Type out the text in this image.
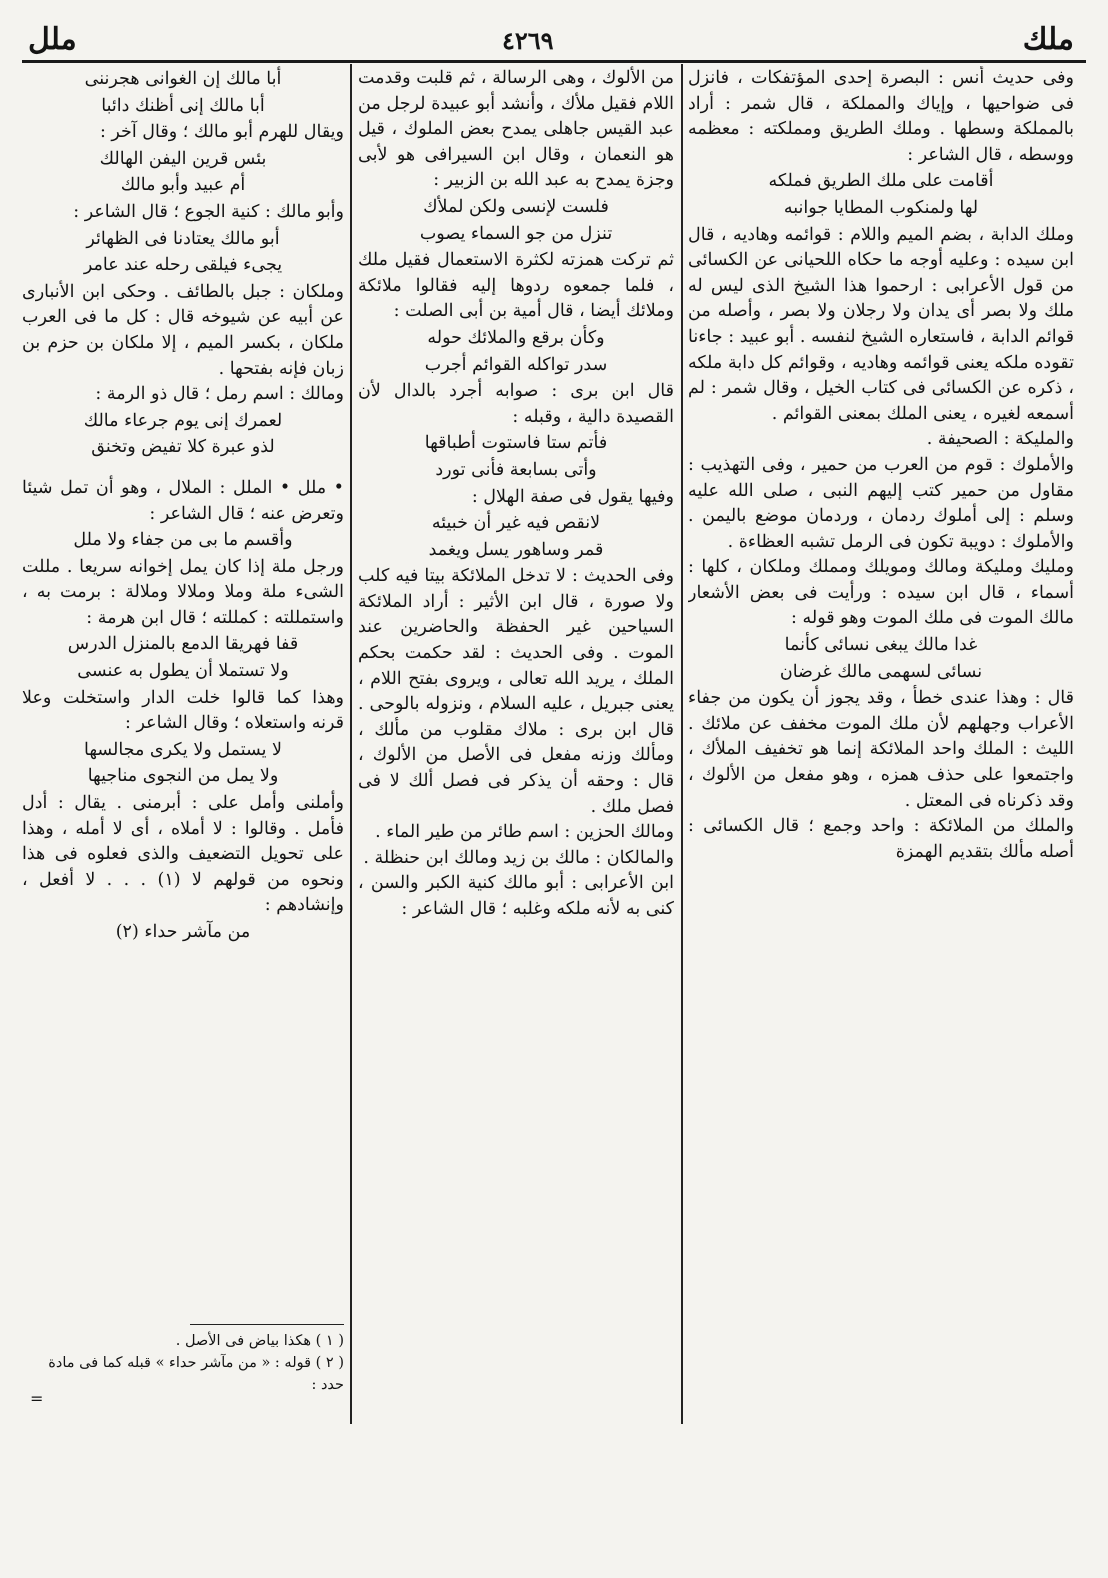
ملك
٤٢٦٩
ملل

وفى حديث أنس : البصرة إحدى المؤتفكات ، فانزل فى ضواحيها ، وإياك والمملكة ، قال شمر : أراد بالمملكة وسطها . وملك الطريق ومملكته : معظمه ووسطه ، قال الشاعر :

أقامت على ملك الطريق فملكه

لها ولمنكوب المطايا جوانبه

وملك الدابة ، بضم الميم واللام : قوائمه وهاديه ، قال ابن سيده : وعليه أوجه ما حكاه اللحيانى عن الكسائى من قول الأعرابى : ارحموا هذا الشيخ الذى ليس له ملك ولا بصر أى يدان ولا رجلان ولا بصر ، وأصله من قوائم الدابة ، فاستعاره الشيخ لنفسه . أبو عبيد : جاءنا تقوده ملكه يعنى قوائمه وهاديه ، وقوائم كل دابة ملكه ، ذكره عن الكسائى فى كتاب الخيل ، وقال شمر : لم أسمعه لغيره ، يعنى الملك بمعنى القوائم .

والمليكة : الصحيفة .

والأملوك : قوم من العرب من حمير ، وفى التهذيب : مقاول من حمير كتب إليهم النبى ، صلى الله عليه وسلم : إلى أملوك ردمان ، وردمان موضع باليمن . والأملوك : دويبة تكون فى الرمل تشبه العظاءة .

ومليك ومليكة ومالك ومويلك ومملك وملكان ، كلها : أسماء ، قال ابن سيده : ورأيت فى بعض الأشعار مالك الموت فى ملك الموت وهو قوله :

غدا مالك يبغى نسائى كأنما

نسائى لسهمى مالك غرضان

قال : وهذا عندى خطأ ، وقد يجوز أن يكون من جفاء الأعراب وجهلهم لأن ملك الموت مخفف عن ملائك . الليث : الملك واحد الملائكة إنما هو تخفيف الملأك ، واجتمعوا على حذف همزه ، وهو مفعل من الألوك ، وقد ذكرناه فى المعتل .

والملك من الملائكة : واحد وجمع ؛ قال الكسائى : أصله مألك بتقديم الهمزة

من الألوك ، وهى الرسالة ، ثم قلبت وقدمت اللام فقيل ملأك ، وأنشد أبو عبيدة لرجل من عبد القيس جاهلى يمدح بعض الملوك ، قيل هو النعمان ، وقال ابن السيرافى هو لأبى وجزة يمدح به عبد الله بن الزبير :

فلست لإنسى ولكن لملأك

تنزل من جو السماء يصوب

ثم تركت همزته لكثرة الاستعمال فقيل ملك ، فلما جمعوه ردوها إليه فقالوا ملائكة وملائك أيضا ، قال أمية بن أبى الصلت :

وكأن برقع والملائك حوله

سدر تواكله القوائم أجرب

قال ابن برى : صوابه أجرد بالدال لأن القصيدة دالية ، وقبله :

فأتم ستا فاستوت أطباقها

وأتى بسابعة فأنى تورد

وفيها يقول فى صفة الهلال :

لانقص فيه غير أن خبيئه

قمر وساهور يسل ويغمد

وفى الحديث : لا تدخل الملائكة بيتا فيه كلب ولا صورة ، قال ابن الأثير : أراد الملائكة السياحين غير الحفظة والحاضرين عند الموت . وفى الحديث : لقد حكمت بحكم الملك ، يريد الله تعالى ، ويروى بفتح اللام ، يعنى جبريل ، عليه السلام ، ونزوله بالوحى . قال ابن برى : ملاك مقلوب من مألك ، ومألك وزنه مفعل فى الأصل من الألوك ، قال : وحقه أن يذكر فى فصل ألك لا فى فصل ملك .

ومالك الحزين : اسم طائر من طير الماء .

والمالكان : مالك بن زيد ومالك ابن حنظلة .

ابن الأعرابى : أبو مالك كنية الكبر والسن ، كنى به لأنه ملكه وغلبه ؛ قال الشاعر :

أبا مالك إن الغوانى هجرننى

أبا مالك إنى أظنك دائبا

ويقال للهرم أبو مالك ؛ وقال آخر :

بئس قرين اليفن الهالك

أم عبيد وأبو مالك

وأبو مالك : كنية الجوع ؛ قال الشاعر :

أبو مالك يعتادنا فى الظهائر

يجىء فيلقى رحله عند عامر

وملكان : جبل بالطائف . وحكى ابن الأنبارى عن أبيه عن شيوخه قال : كل ما فى العرب ملكان ، بكسر الميم ، إلا ملكان بن حزم بن زبان فإنه بفتحها .

ومالك : اسم رمل ؛ قال ذو الرمة :

لعمرك إنى يوم جرعاء مالك

لذو عبرة كلا تفيض وتخنق

• ملل • الملل : الملال ، وهو أن تمل شيئا وتعرض عنه ؛ قال الشاعر :

وأقسم ما بى من جفاء ولا ملل

ورجل ملة إذا كان يمل إخوانه سريعا . مللت الشىء ملة وملا وملالا وملالة : برمت به ، واستمللته : كمللته ؛ قال ابن هرمة :

قفا فهريقا الدمع بالمنزل الدرس

ولا تستملا أن يطول به عنسى

وهذا كما قالوا خلت الدار واستخلت وعلا قرنه واستعلاه ؛ وقال الشاعر :

لا يستمل ولا يكرى مجالسها

ولا يمل من النجوى مناجيها

وأملنى وأمل على : أبرمنى . يقال : أدل فأمل . وقالوا : لا أملاه ، أى لا أمله ، وهذا على تحويل التضعيف والذى فعلوه فى هذا ونحوه من قولهم لا (١) . . . لا أفعل ، وإنشادهم :

من مآشر حداء (٢)

( ١ ) هكذا بياض فى الأصل .

( ٢ ) قوله : « من مآشر حداء » قبله كما فى مادة حدد :

=
